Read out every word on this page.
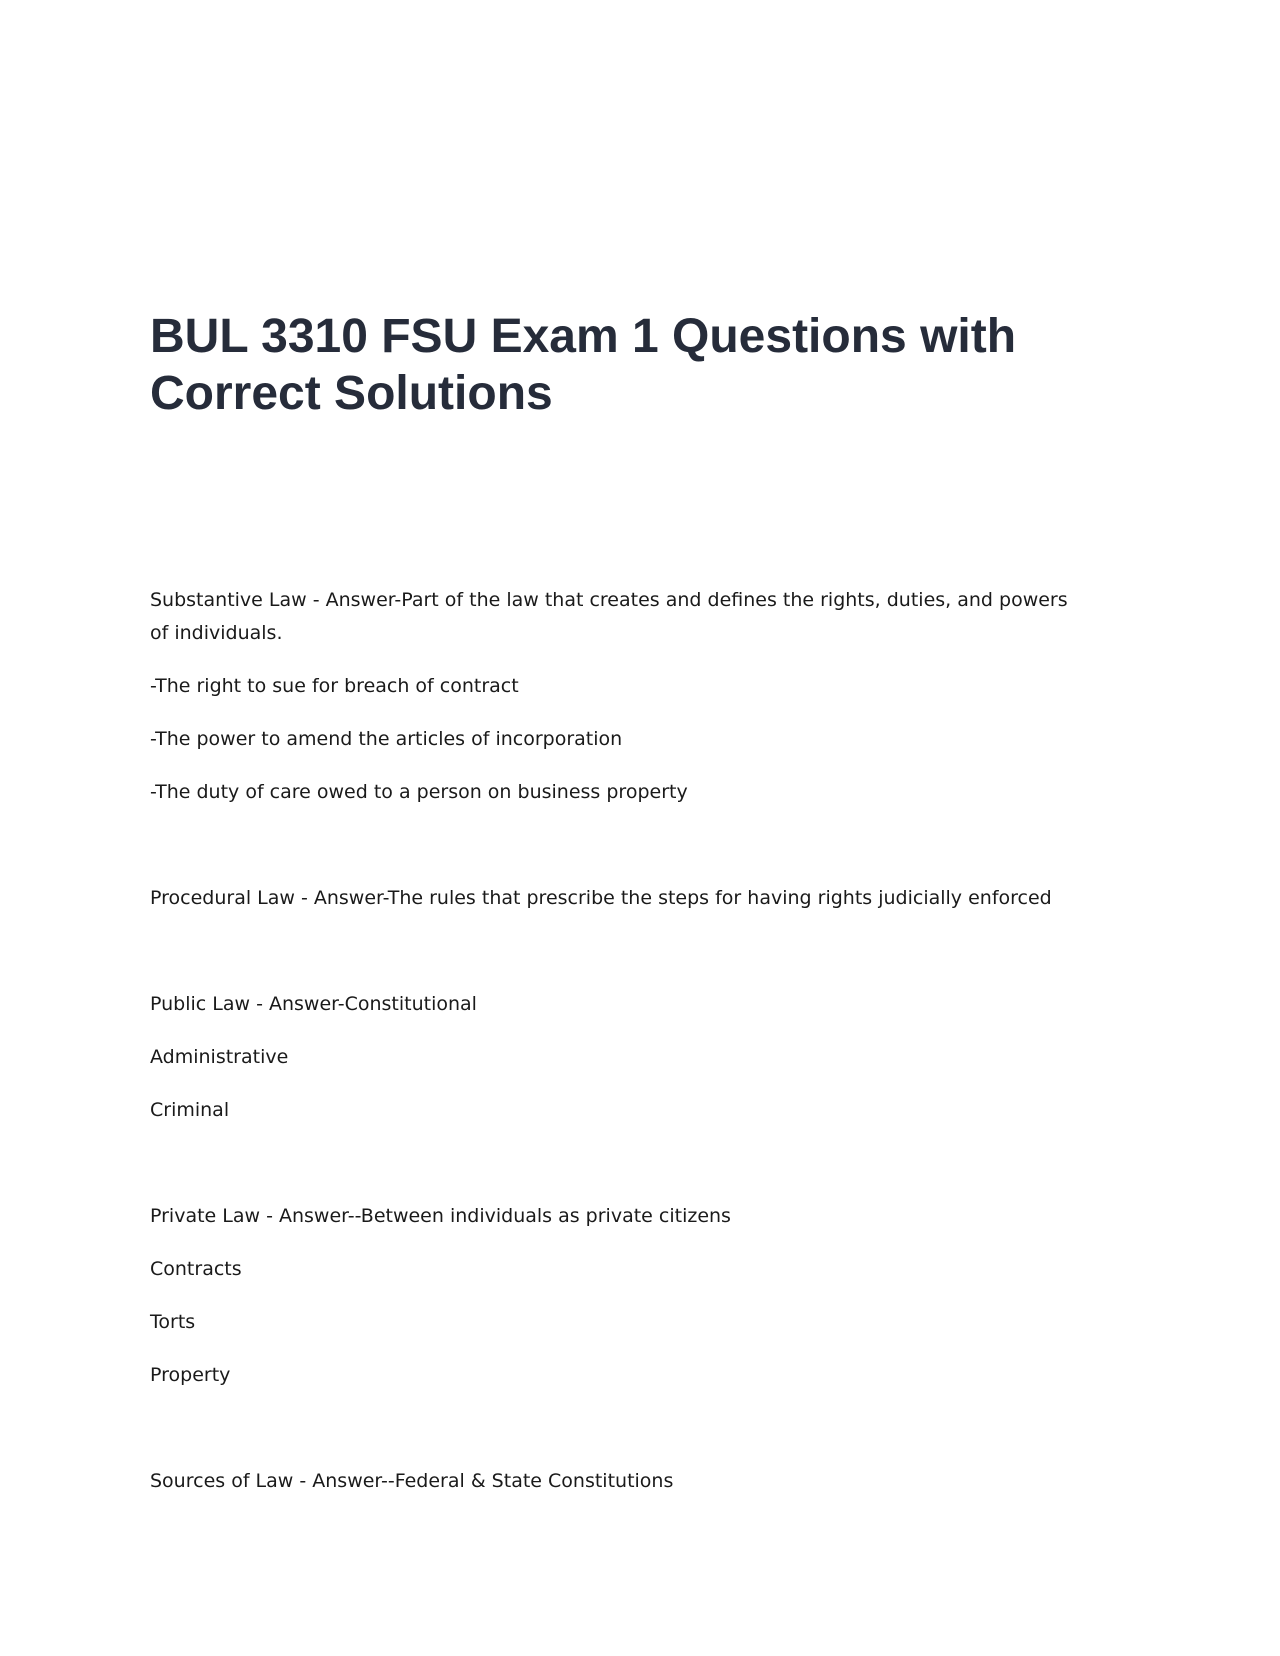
BUL 3310 FSU Exam 1 Questions with Correct Solutions

Substantive Law - Answer-Part of the law that creates and defines the rights, duties, and powers of individuals.

-The right to sue for breach of contract

-The power to amend the articles of incorporation

-The duty of care owed to a person on business property

Procedural Law - Answer-The rules that prescribe the steps for having rights judicially enforced

Public Law - Answer-Constitutional

Administrative

Criminal

Private Law - Answer--Between individuals as private citizens

Contracts

Torts

Property

Sources of Law - Answer--Federal & State Constitutions
